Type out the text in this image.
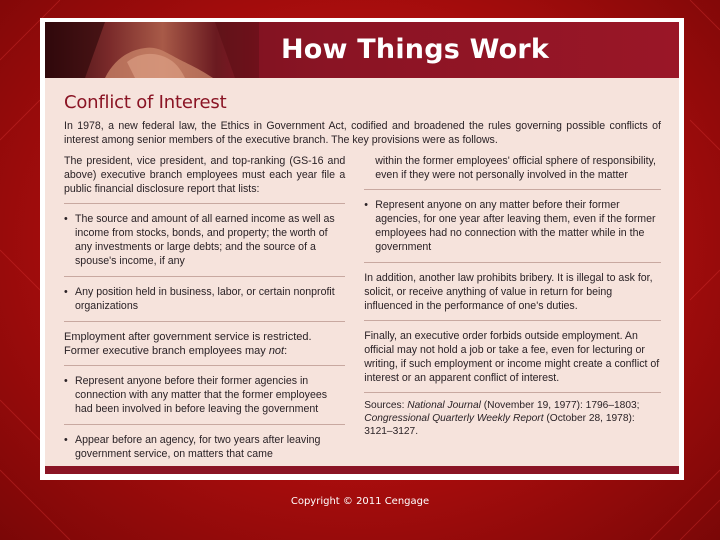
How Things Work
Conflict of Interest

In 1978, a new federal law, the Ethics in Government Act, codified and broadened the rules governing possible conflicts of interest among senior members of the executive branch. The key provisions were as follows.

The president, vice president, and top-ranking (GS-16 and above) executive branch employees must each year file a public financial disclosure report that lists:

• The source and amount of all earned income as well as income from stocks, bonds, and property; the worth of any investments or large debts; and the source of a spouse's income, if any
• Any position held in business, labor, or certain nonprofit organizations

Employment after government service is restricted.
Former executive branch employees may not:

• Represent anyone before their former agencies in connection with any matter that the former employees had been involved in before leaving the government
• Appear before an agency, for two years after leaving government service, on matters that came

within the former employees' official sphere of responsibility, even if they were not personally involved in the matter

• Represent anyone on any matter before their former agencies, for one year after leaving them, even if the former employees had no connection with the matter while in the government

In addition, another law prohibits bribery. It is illegal to ask for, solicit, or receive anything of value in return for being influenced in the performance of one's duties.

Finally, an executive order forbids outside employment. An official may not hold a job or take a fee, even for lecturing or writing, if such employment or income might create a conflict of interest or an apparent conflict of interest.

Sources: National Journal (November 19, 1977): 1796–1803;
Congressional Quarterly Weekly Report (October 28, 1978): 3121–3127.
Copyright © 2011 Cengage
